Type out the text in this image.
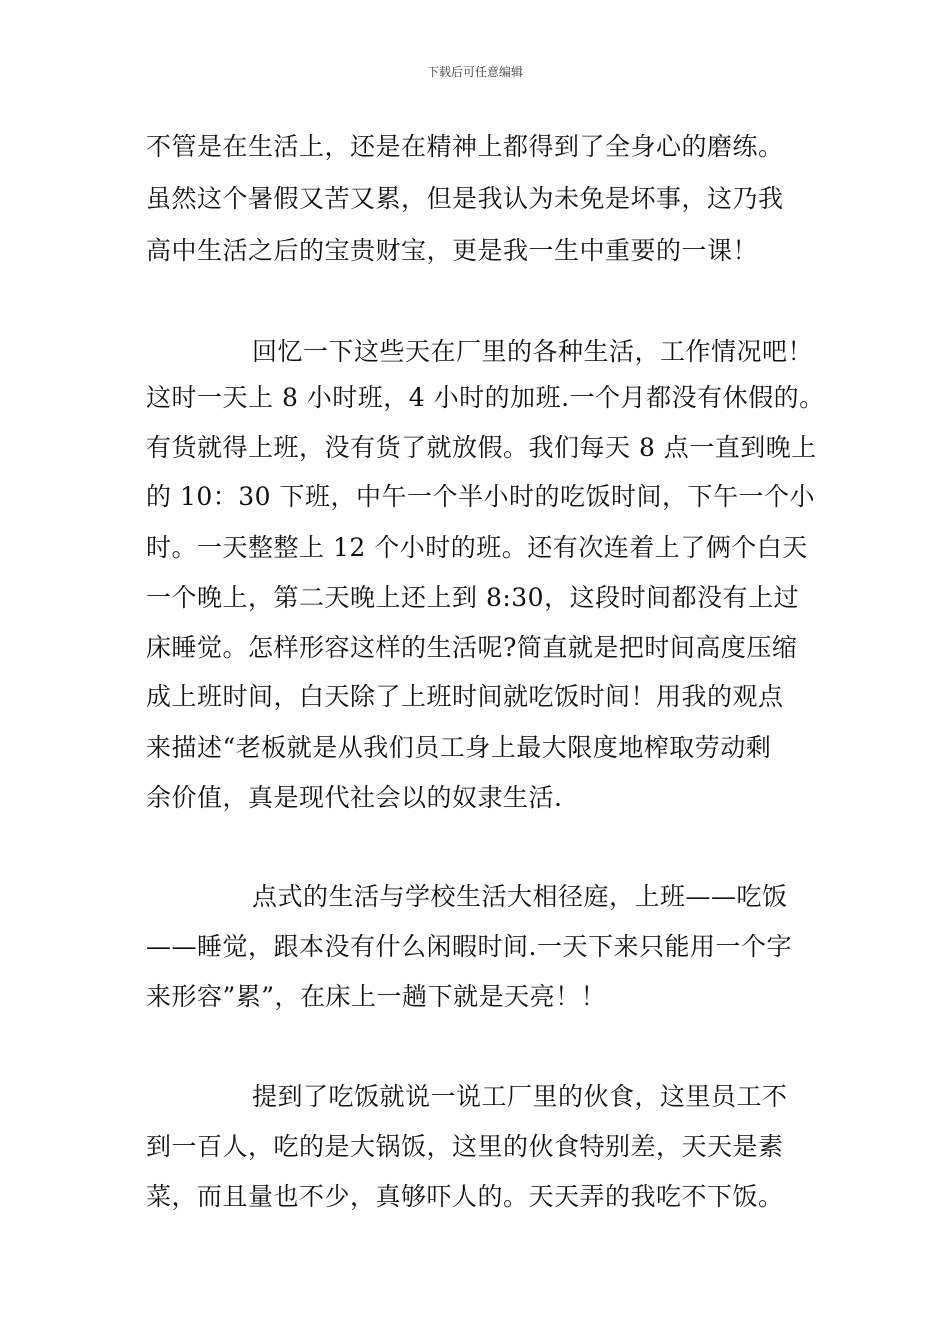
下载后可任意编辑
不管是在生活上，还是在精神上都得到了全身心的磨练。
虽然这个暑假又苦又累，但是我认为未免是坏事，这乃我
高中生活之后的宝贵财宝，更是我一生中重要的一课！
回忆一下这些天在厂里的各种生活，工作情况吧！
这时一天上 8 小时班，4 小时的加班.一个月都没有休假的。
有货就得上班，没有货了就放假。我们每天 8 点一直到晚上
的 10：30 下班，中午一个半小时的吃饭时间，下午一个小
时。一天整整上 12 个小时的班。还有次连着上了俩个白天
一个晚上，第二天晚上还上到 8:30，这段时间都没有上过
床睡觉。怎样形容这样的生活呢?简直就是把时间高度压缩
成上班时间，白天除了上班时间就吃饭时间！用我的观点
来描述“老板就是从我们员工身上最大限度地榨取劳动剩
余价值，真是现代社会以的奴隶生活.
点式的生活与学校生活大相径庭，上班——吃饭
——睡觉，跟本没有什么闲暇时间.一天下来只能用一个字
来形容”累”，在床上一趟下就是天亮！！
提到了吃饭就说一说工厂里的伙食，这里员工不
到一百人，吃的是大锅饭，这里的伙食特别差，天天是素
菜，而且量也不少，真够吓人的。天天弄的我吃不下饭。
